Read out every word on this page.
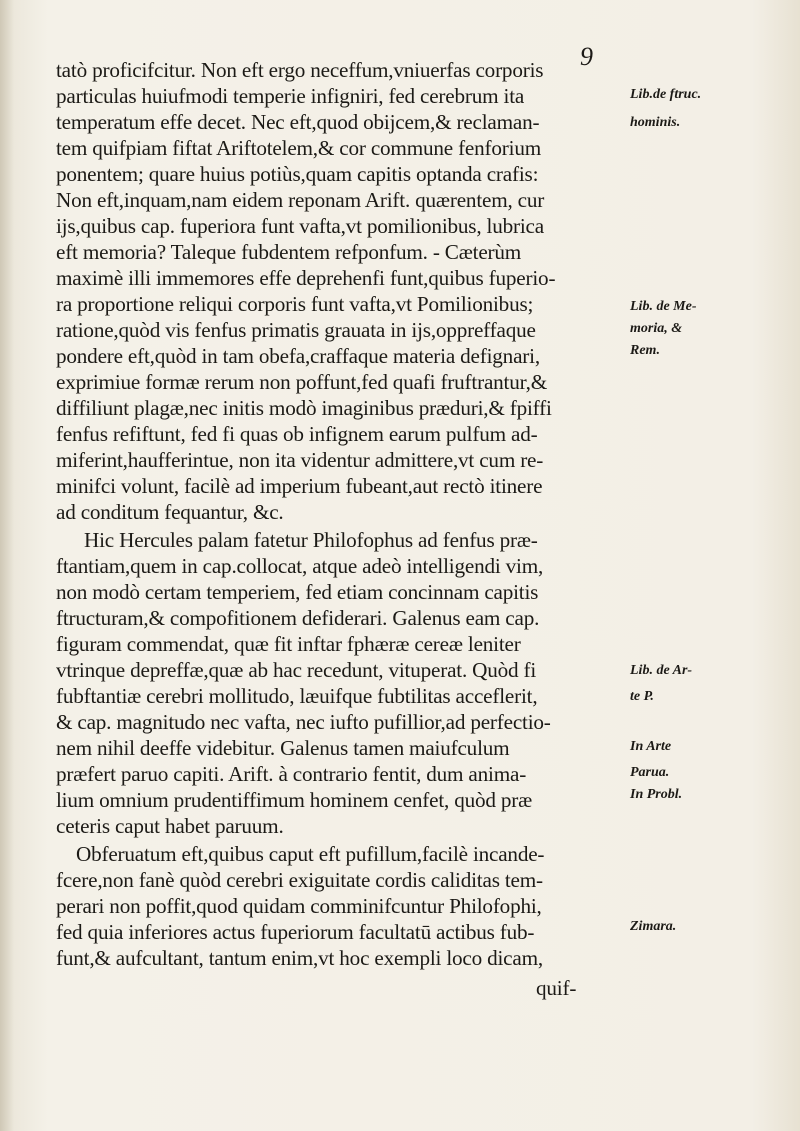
9
tatò proficifcitur. Non eft ergo neceffum,vniuerfas corporis
particulas huiufmodi temperie infigniri, fed cerebrum ita
temperatum effe decet. Nec eft,quod obijcem,& reclaman-
tem quifpiam fiftat Ariftotelem,& cor commune fenforium
ponentem; quare huius potiùs,quam capitis optanda crafis:
Non eft,inquam,nam eidem reponam Arift. quærentem, cur
ijs,quibus cap. fuperiora funt vafta,vt pomilionibus, lubrica
eft memoria? Taleque fubdentem refponfum. - Cæterùm
maximè illi immemores effe deprehenfi funt,quibus fuperio-
ra proportione reliqui corporis funt vafta,vt Pomilionibus;
ratione,quòd vis fenfus primatis grauata in ijs,oppreffaque
pondere eft,quòd in tam obefa,craffaque materia defignari,
exprimiue formæ rerum non poffunt,fed quafi fruftrantur,&
diffiliunt plagæ,nec initis modò imaginibus præduri,& fpiffi
fenfus refiftunt, fed fi quas ob infignem earum pulfum ad-
miferint,haufferintue, non ita videntur admittere,vt cum re-
minifci volunt, facilè ad imperium fubeant,aut rectò itinere
ad conditum fequantur, &c.
Hic Hercules palam fatetur Philofophus ad fenfus præ-
ftantiam,quem in cap.collocat, atque adeò intelligendi vim,
non modò certam temperiem, fed etiam concinnam capitis
ftructuram,& compofitionem defiderari. Galenus eam cap.
figuram commendat, quæ fit inftar fphæræ cereæ leniter
vtrinque depreffæ,quæ ab hac recedunt, vituperat. Quòd fi
fubftantiæ cerebri mollitudo, læuifque fubtilitas acceflerit,
& cap. magnitudo nec vafta, nec iufto pufillior,ad perfectio-
nem nihil deeffe videbitur. Galenus tamen maiufculum
præfert paruo capiti. Arift. à contrario fentit, dum anima-
lium omnium prudentiffimum hominem cenfet, quòd præ
ceteris caput habet paruum.
Obferuatum eft,quibus caput eft pufillum,facilè incande-
fcere,non fanè quòd cerebri exiguitate cordis caliditas tem-
perari non poffit,quod quidam comminifcuntur Philofophi,
fed quia inferiores actus fuperiorum facultatū actibus fub-
funt,& aufcultant, tantum enim,vt hoc exempli loco dicam,
quif-
Lib.de ftruc.
hominis.
Lib. de Me-
moria, &
Rem.
Lib. de Ar-
te P.
In Arte
Parua.
In Probl.
Zimara.
